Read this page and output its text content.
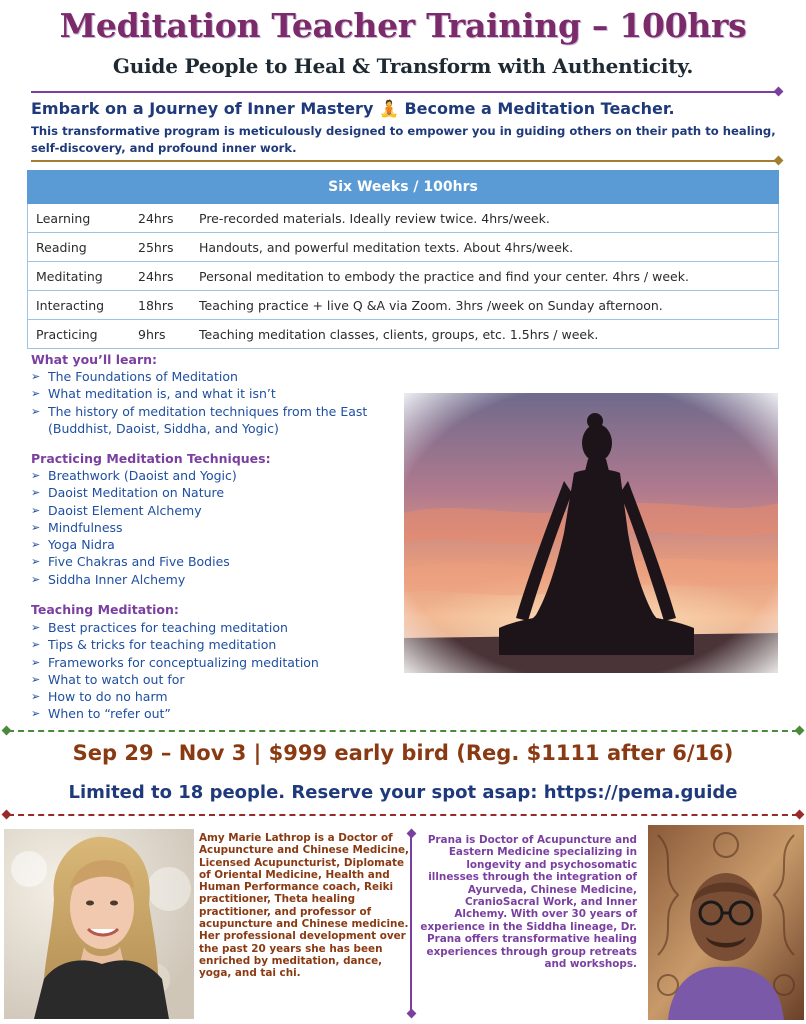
Meditation Teacher Training – 100hrs
Guide People to Heal & Transform with Authenticity.
Embark on a Journey of Inner Mastery 🧘 Become a Meditation Teacher.
This transformative program is meticulously designed to empower you in guiding others on their path to healing, self-discovery, and profound inner work.
Six Weeks / 100hrs		
Learning	24hrs	Pre-recorded materials. Ideally review twice. 4hrs/week.
Reading	25hrs	Handouts, and powerful meditation texts. About 4hrs/week.
Meditating	24hrs	Personal meditation to embody the practice and find your center. 4hrs / week.
Interacting	18hrs	Teaching practice + live Q &A via Zoom. 3hrs /week on Sunday afternoon.
Practicing	9hrs	Teaching meditation classes, clients, groups, etc. 1.5hrs / week.
What you’ll learn:
➢ The Foundations of Meditation
➢ What meditation is, and what it isn’t
➢ The history of meditation techniques from the East
(Buddhist, Daoist, Siddha, and Yogic)
Practicing Meditation Techniques:
➢ Breathwork (Daoist and Yogic)
➢ Daoist Meditation on Nature
➢ Daoist Element Alchemy
➢ Mindfulness
➢ Yoga Nidra
➢ Five Chakras and Five Bodies
➢ Siddha Inner Alchemy
Teaching Meditation:
➢ Best practices for teaching meditation
➢ Tips & tricks for teaching meditation
➢ Frameworks for conceptualizing meditation
➢ What to watch out for
➢ How to do no harm
➢ When to “refer out”
Sep 29 – Nov 3 | $999 early bird (Reg. $1111 after 6/16)
Limited to 18 people. Reserve your spot asap: https://pema.guide
Amy Marie Lathrop is a Doctor of Acupuncture and Chinese Medicine, Licensed Acupuncturist, Diplomate of Oriental Medicine, Health and Human Performance coach, Reiki practitioner, Theta healing practitioner, and professor of acupuncture and Chinese medicine. Her professional development over the past 20 years she has been enriched by meditation, dance, yoga, and tai chi.
Prana is Doctor of Acupuncture and Eastern Medicine specializing in longevity and psychosomatic illnesses through the integration of Ayurveda, Chinese Medicine, CranioSacral Work, and Inner Alchemy. With over 30 years of experience in the Siddha lineage, Dr. Prana offers transformative healing experiences through group retreats and workshops.
